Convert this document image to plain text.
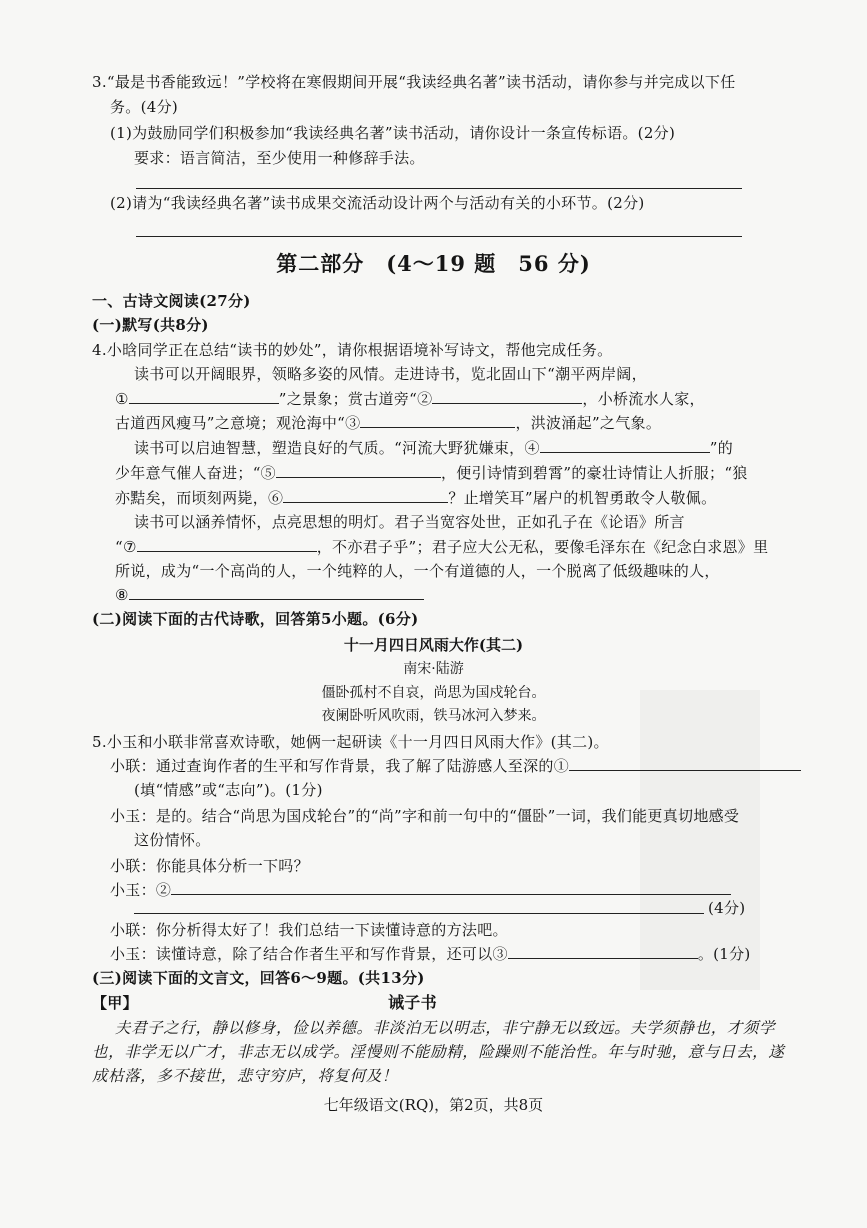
3.“最是书香能致远！”学校将在寒假期间开展“我读经典名著”读书活动，请你参与并完成以下任
务。(4分)
(1)为鼓励同学们积极参加“我读经典名著”读书活动，请你设计一条宣传标语。(2分)
要求：语言简洁，至少使用一种修辞手法。
(2)请为“我读经典名著”读书成果交流活动设计两个与活动有关的小环节。(2分)
第二部分　(4～19 题　56 分)
一、古诗文阅读(27分)
(一)默写(共8分)
4.小晗同学正在总结“读书的妙处”，请你根据语境补写诗文，帮他完成任务。
读书可以开阔眼界，领略多姿的风情。走进诗书，览北固山下“潮平两岸阔，
①	”之景象；赏古道旁“②	，小桥流水人家，
古道西风瘦马”之意境；观沧海中“③	，洪波涌起”之气象。
读书可以启迪智慧，塑造良好的气质。“河流大野犹嫌束，④	”的
少年意气催人奋进；“⑤	，便引诗情到碧霄”的豪壮诗情让人折服；“狼
亦黠矣，而顷刻两毙，⑥	？止增笑耳”屠户的机智勇敢令人敬佩。
读书可以涵养情怀，点亮思想的明灯。君子当宽容处世，正如孔子在《论语》所言
“⑦	，不亦君子乎”；君子应大公无私，要像毛泽东在《纪念白求恩》里
所说，成为“一个高尚的人，一个纯粹的人，一个有道德的人，一个脱离了低级趣味的人，
⑧
(二)阅读下面的古代诗歌，回答第5小题。(6分)
十一月四日风雨大作(其二)
南宋·陆游
僵卧孤村不自哀，尚思为国戍轮台。
夜阑卧听风吹雨，铁马冰河入梦来。
5.小玉和小联非常喜欢诗歌，她俩一起研读《十一月四日风雨大作》(其二)。
小联：通过查询作者的生平和写作背景，我了解了陆游感人至深的①
(填“情感”或“志向”)。(1分)
小玉：是的。结合“尚思为国戍轮台”的“尚”字和前一句中的“僵卧”一词，我们能更真切地感受
这份情怀。
小联：你能具体分析一下吗？
小玉：②
(4分)
小联：你分析得太好了！我们总结一下读懂诗意的方法吧。
小玉：读懂诗意，除了结合作者生平和写作背景，还可以③	。(1分)
(三)阅读下面的文言文，回答6～9题。(共13分)
【甲】	诫子书
夫君子之行，静以修身，俭以养德。非淡泊无以明志，非宁静无以致远。夫学须静也，才须学
也，非学无以广才，非志无以成学。淫慢则不能励精，险躁则不能治性。年与时驰，意与日去，遂
成枯落，多不接世，悲守穷庐，将复何及！
七年级语文(RQ)，第2页，共8页
